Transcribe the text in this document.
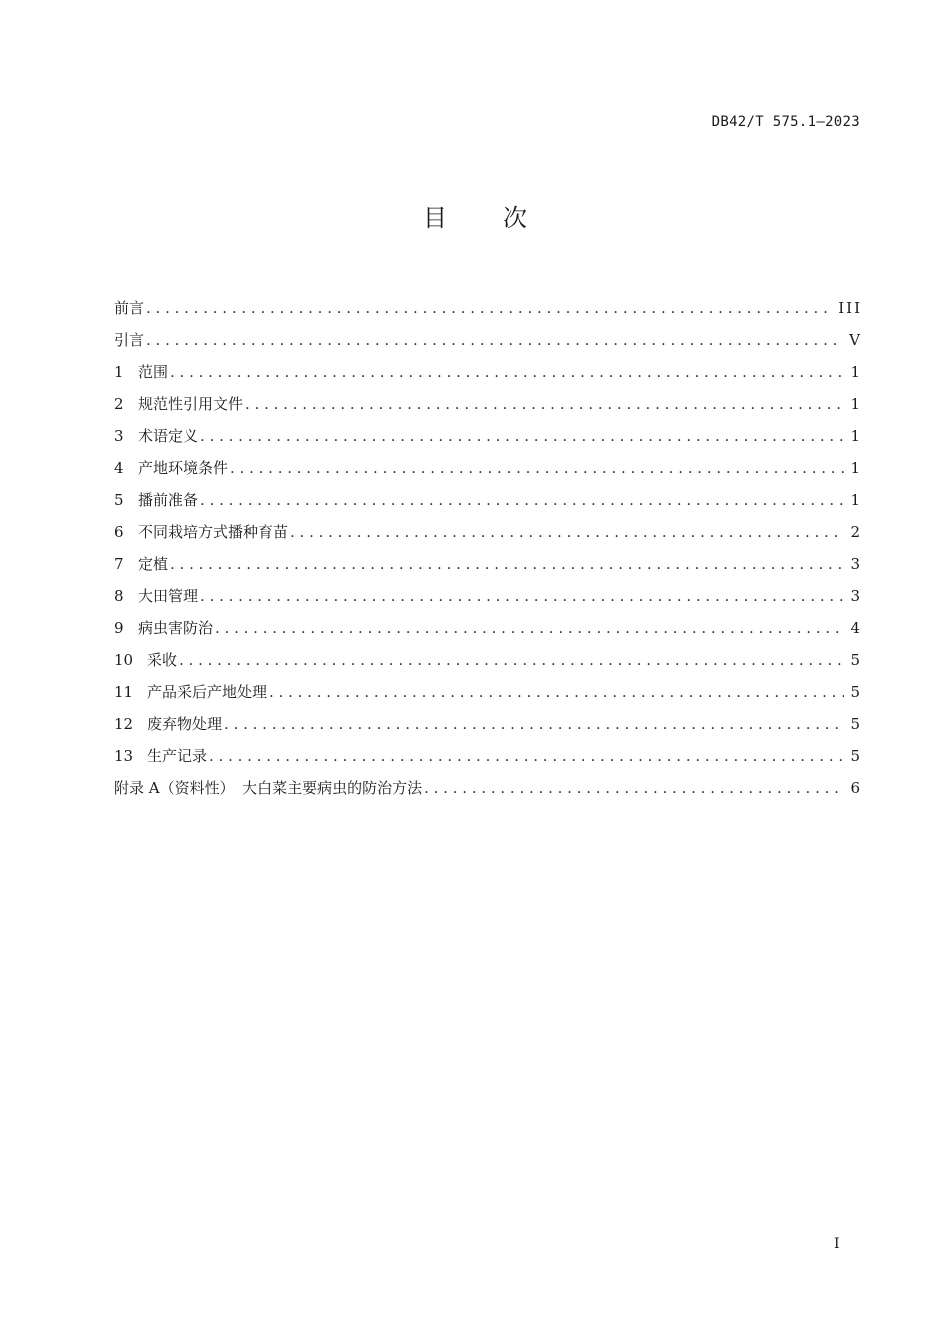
DB42/T 575.1—2023
目次
前言 . . .	III
引言 . . .	V
1 范围 . . .	1
2 规范性引用文件 . . .	1
3 术语定义 . . .	1
4 产地环境条件 . . .	1
5 播前准备 . . .	1
6 不同栽培方式播种育苗 . . .	2
7 定植 . . .	3
8 大田管理 . . .	3
9 病虫害防治 . . .	4
10 采收 . . .	5
11 产品采后产地处理 . . .	5
12 废弃物处理 . . .	5
13 生产记录 . . .	5
附录 A（资料性）　大白菜主要病虫的防治方法 . . .	6
I
